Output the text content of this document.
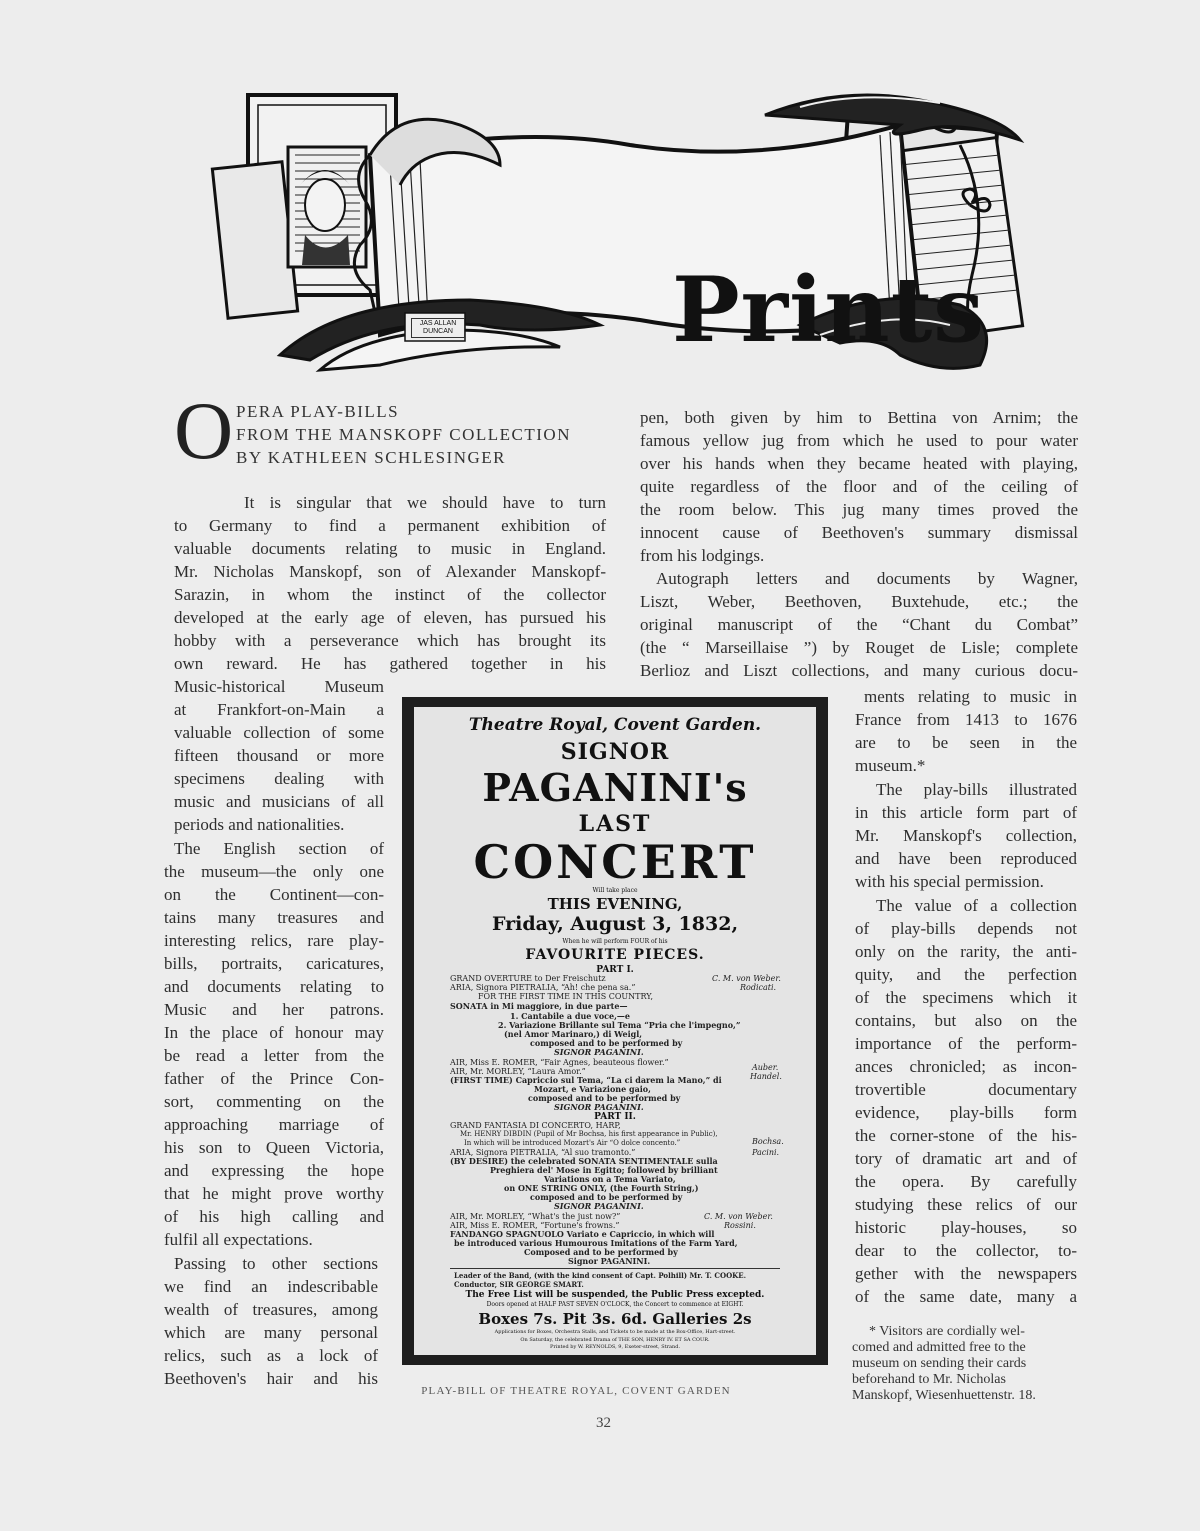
Prints
JAS ALLAN
DUNCAN
O PERA PLAY-BILLS
FROM THE MANSKOPF COLLECTION
BY KATHLEEN SCHLESINGER
It is singular that we should have to turn
to Germany to find a permanent exhibition of
valuable documents relating to music in England.
Mr. Nicholas Manskopf, son of Alexander Manskopf-
Sarazin, in whom the instinct of the collector
developed at the early age of eleven, has pursued his
hobby with a perseverance which has brought its
own reward. He has gathered together in his
Music-historical Museum
at Frankfort-on-Main a
valuable collection of some
fifteen thousand or more
specimens dealing with
music and musicians of all
periods and nationalities.
The English section of
the museum—the only one
on the Continent—con-
tains many treasures and
interesting relics, rare play-
bills, portraits, caricatures,
and documents relating to
Music and her patrons.
In the place of honour may
be read a letter from the
father of the Prince Con-
sort, commenting on the
approaching marriage of
his son to Queen Victoria,
and expressing the hope
that he might prove worthy
of his high calling and
fulfil all expectations.
Passing to other sections
we find an indescribable
wealth of treasures, among
which are many personal
relics, such as a lock of
Beethoven's hair and his
pen, both given by him to Bettina von Arnim; the
famous yellow jug from which he used to pour water
over his hands when they became heated with playing,
quite regardless of the floor and of the ceiling of
the room below. This jug many times proved the
innocent cause of Beethoven's summary dismissal
from his lodgings.
Autograph letters and documents by Wagner,
Liszt, Weber, Beethoven, Buxtehude, etc.; the
original manuscript of the “Chant du Combat”
(the “ Marseillaise ”) by Rouget de Lisle; complete
Berlioz and Liszt collections, and many curious docu-
ments relating to music in
France from 1413 to 1676
are to be seen in the
museum.*
The play-bills illustrated
in this article form part of
Mr. Manskopf's collection,
and have been reproduced
with his special permission.
The value of a collection
of play-bills depends not
only on the rarity, the anti-
quity, and the perfection
of the specimens which it
contains, but also on the
importance of the perform-
ances chronicled; as incon-
trovertible documentary
evidence, play-bills form
the corner-stone of the his-
tory of dramatic art and of
the opera. By carefully
studying these relics of our
historic play-houses, so
dear to the collector, to-
gether with the newspapers
of the same date, many a
* Visitors are cordially wel-
comed and admitted free to the
museum on sending their cards
beforehand to Mr. Nicholas
Manskopf, Wiesenhuettenstr. 18.
Theatre Royal, Covent Garden.
SIGNOR
PAGANINI's
LAST
CONCERT
Will take place
THIS EVENING,
Friday, August 3, 1832,
When he will perform FOUR of his
FAVOURITE PIECES.
PART I.
GRAND OVERTURE to Der Freischutz
ARIA, Signora PIETRALIA, “Ah! che pena sa.”
C. M. von Weber.
Rodicati.
FOR THE FIRST TIME IN THIS COUNTRY,
SONATA in Mi maggiore, in due parte—
1. Cantabile a due voce,—e
2. Variazione Brillante sul Tema “Pria che l'impegno,”
(nel Amor Marinaro,) di Weigl,
composed and to be performed by
SIGNOR PAGANINI.
AIR, Miss E. ROMER, “Fair Agnes, beauteous flower.”
AIR, Mr. MORLEY, “Laura Amor.”	Auber.
Handel.
(FIRST TIME) Capriccio sul Tema, “La ci darem la Mano,” di
Mozart, e Variazione gaio,
composed and to be performed by
SIGNOR PAGANINI.
PART II.
GRAND FANTASIA DI CONCERTO, HARP,
Mr. HENRY DIBDIN (Pupil of Mr Bochsa, his first appearance in Public),
In which will be introduced Mozart's Air “O dolce concento.”	Bochsa.
ARIA, Signora PIETRALIA, “Al suo tramonto.”	Pacini.
(BY DESIRE) the celebrated SONATA SENTIMENTALE sulla
Preghiera del' Mose in Egitto; followed by brilliant
Variations on a Tema Variato,
on ONE STRING ONLY, (the Fourth String,)
composed and to be performed by
SIGNOR PAGANINI.
AIR, Mr. MORLEY, “What's the just now?”	C. M. von Weber.
AIR, Miss E. ROMER, “Fortune's frowns.”	Rossini.
FANDANGO SPAGNUOLO Variato e Capriccio, in which will
be introduced various Humourous Imitations of the Farm Yard,
Composed and to be performed by
Signor PAGANINI.
Leader of the Band, (with the kind consent of Capt. Polhill) Mr. T. COOKE.
Conductor, SIR GEORGE SMART.
The Free List will be suspended, the Public Press excepted.
Doors opened at HALF PAST SEVEN O'CLOCK, the Concert to commence at EIGHT.
Boxes 7s. Pit 3s. 6d. Galleries 2s
Applications for Boxes, Orchestra Stalls, and Tickets to be made at the Box-Office, Hart-street.
On Saturday, the celebrated Drama of THE SON, HENRY IV. ET SA COUR.
Printed by W. REYNOLDS, 9, Exeter-street, Strand.
PLAY-BILL OF THEATRE ROYAL, COVENT GARDEN
32
